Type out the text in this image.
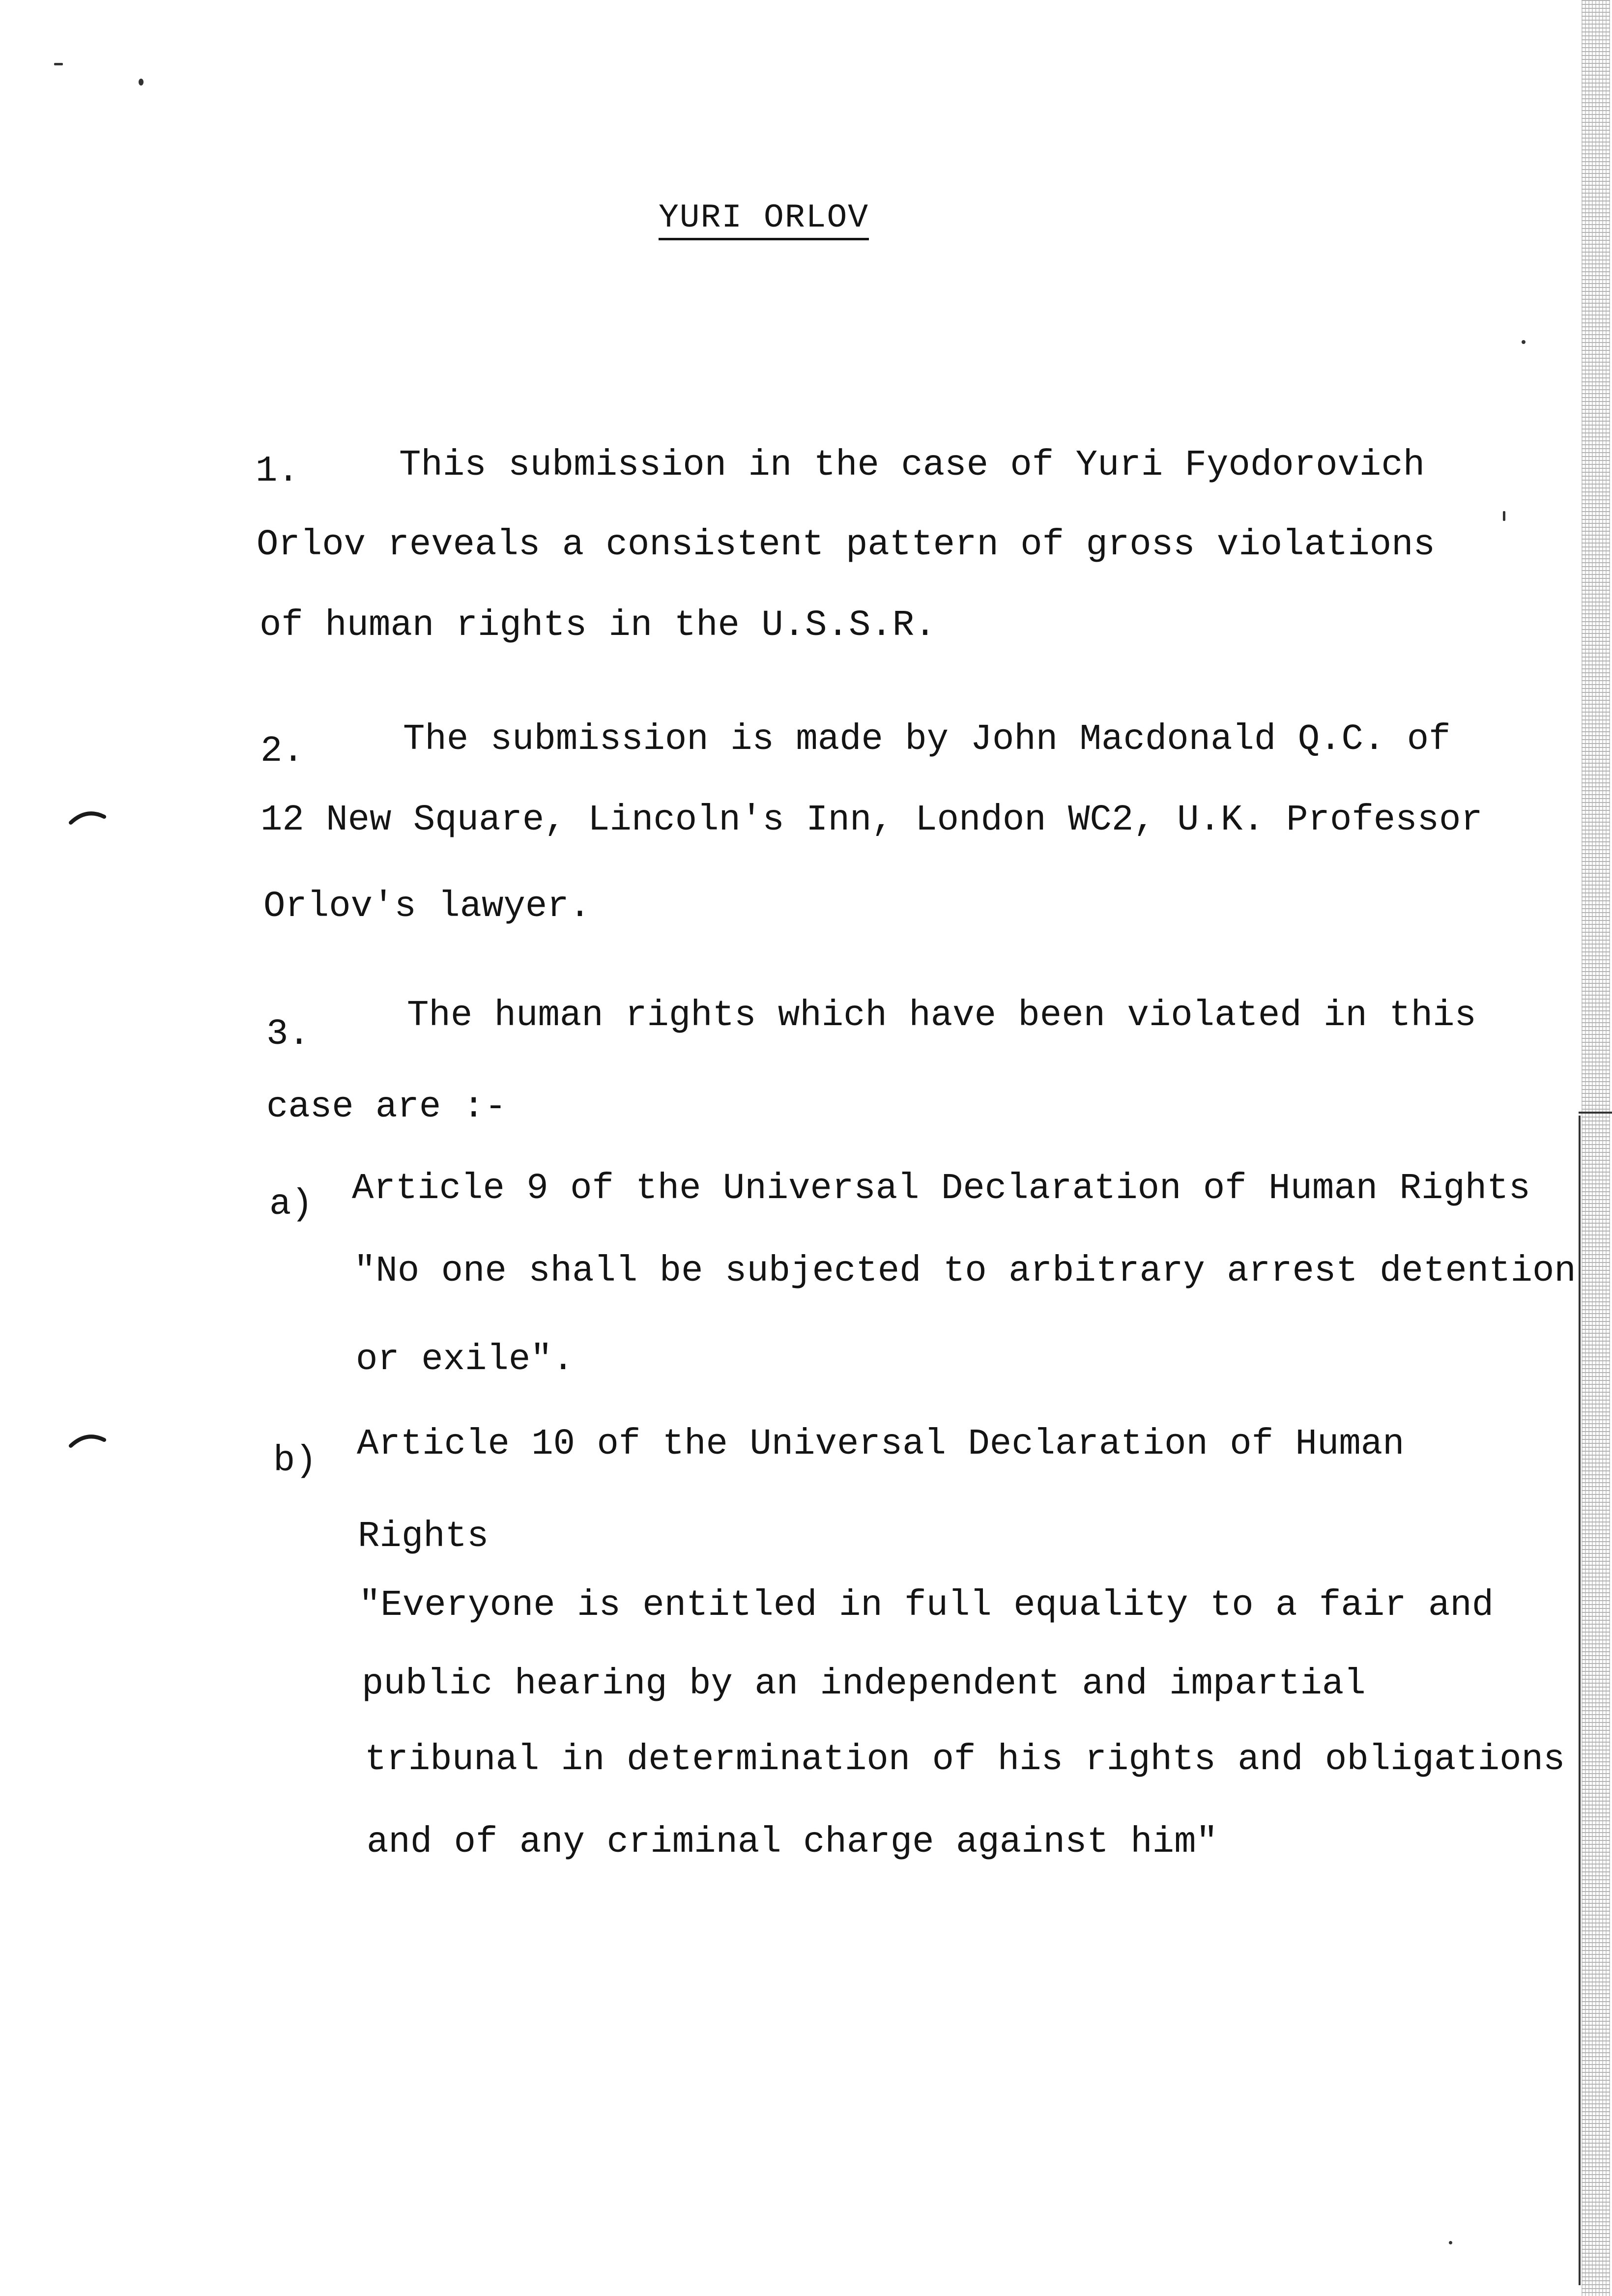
YURI ORLOV
1.	This submission in the case of Yuri Fyodorovich
Orlov reveals a consistent pattern of gross violations
of human rights in the U.S.S.R.
2.	The submission is made by John Macdonald Q.C. of
12 New Square, Lincoln's Inn, London WC2, U.K. Professor
Orlov's lawyer.
3.	The human rights which have been violated in this
case are :-
a) Article 9 of the Universal Declaration of Human Rights
"No one shall be subjected to arbitrary arrest detention
or exile".
b) Article 10 of the Universal Declaration of Human
Rights
"Everyone is entitled in full equality to a fair and
public hearing by an independent and impartial
tribunal in determination of his rights and obligations
and of any criminal charge against him"
